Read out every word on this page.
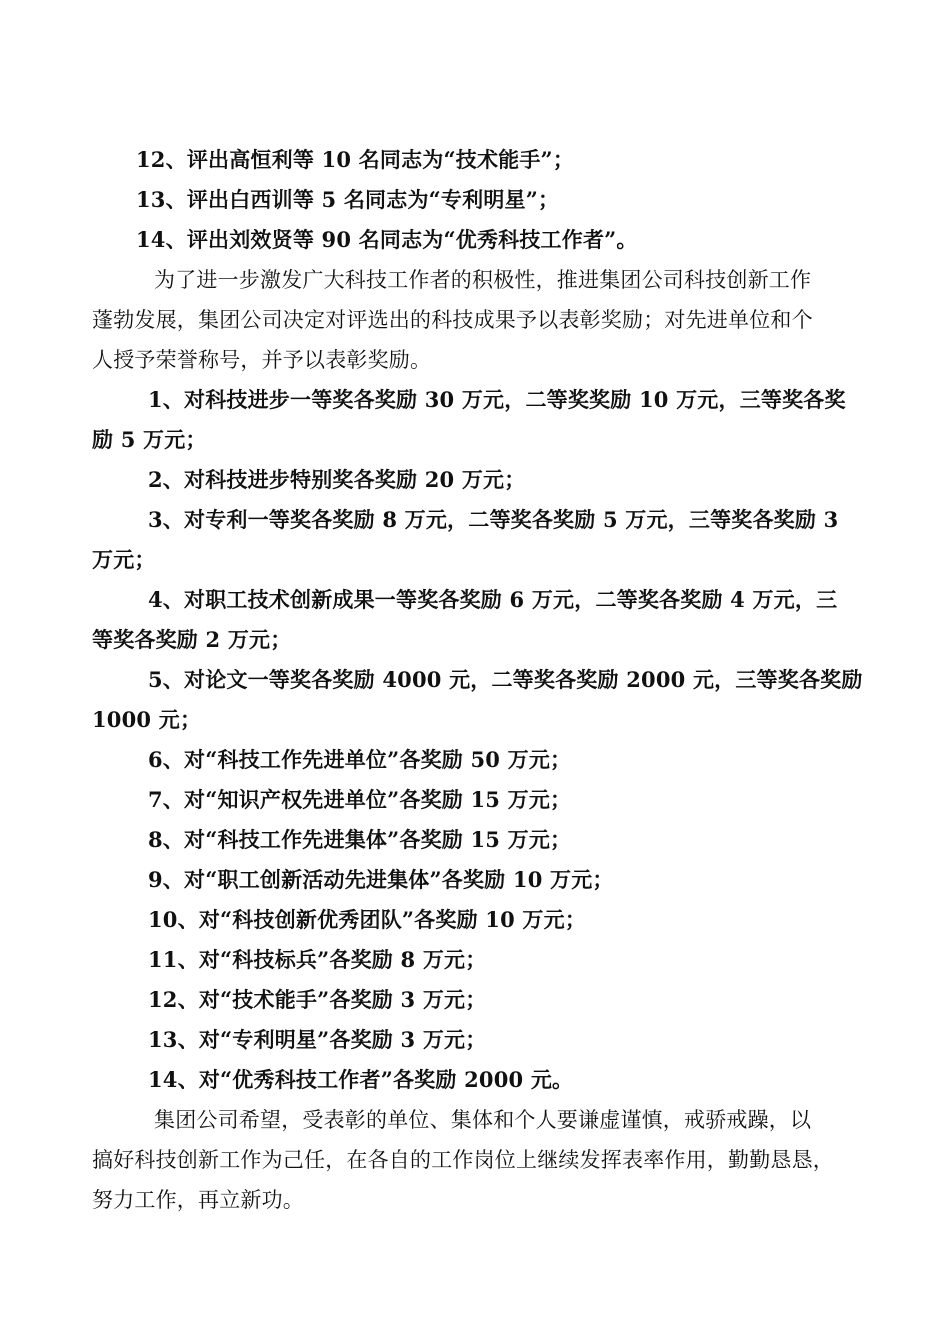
12、评出高恒利等 10 名同志为“技术能手”；
13、评出白西训等 5 名同志为“专利明星”；
14、评出刘效贤等 90 名同志为“优秀科技工作者”。
为了进一步激发广大科技工作者的积极性，推进集团公司科技创新工作
蓬勃发展，集团公司决定对评选出的科技成果予以表彰奖励；对先进单位和个
人授予荣誉称号，并予以表彰奖励。
1、对科技进步一等奖各奖励 30 万元，二等奖奖励 10 万元，三等奖各奖
励 5 万元；
2、对科技进步特别奖各奖励 20 万元；
3、对专利一等奖各奖励 8 万元，二等奖各奖励 5 万元，三等奖各奖励 3
万元；
4、对职工技术创新成果一等奖各奖励 6 万元，二等奖各奖励 4 万元，三
等奖各奖励 2 万元；
5、对论文一等奖各奖励 4000 元，二等奖各奖励 2000 元，三等奖各奖励
1000 元；
6、对“科技工作先进单位”各奖励 50 万元；
7、对“知识产权先进单位”各奖励 15 万元；
8、对“科技工作先进集体”各奖励 15 万元；
9、对“职工创新活动先进集体”各奖励 10 万元；
10、对“科技创新优秀团队”各奖励 10 万元；
11、对“科技标兵”各奖励 8 万元；
12、对“技术能手”各奖励 3 万元；
13、对“专利明星”各奖励 3 万元；
14、对“优秀科技工作者”各奖励 2000 元。
集团公司希望，受表彰的单位、集体和个人要谦虚谨慎，戒骄戒躁，以
搞好科技创新工作为己任，在各自的工作岗位上继续发挥表率作用，勤勤恳恳，
努力工作，再立新功。
